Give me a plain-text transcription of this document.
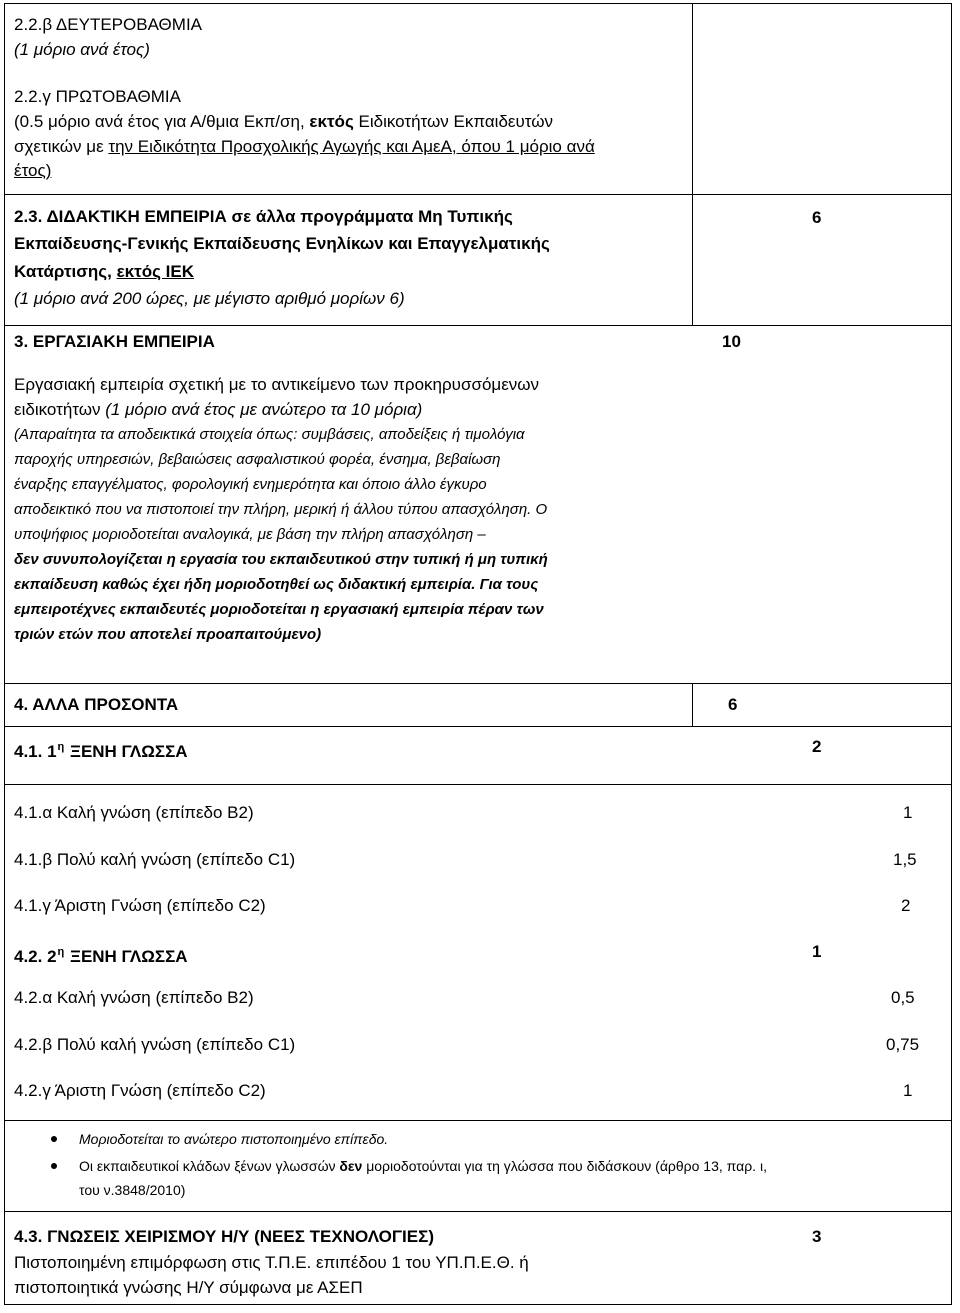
2.2.β ΔΕΥΤΕΡΟΒΑΘΜΙΑ
(1 μόριο ανά έτος)
2.2.γ ΠΡΩΤΟΒΑΘΜΙΑ
(0.5 μόριο ανά έτος για Α/θμια Εκπ/ση, εκτός Ειδικοτήτων Εκπαιδευτών
σχετικών με την Ειδικότητα Προσχολικής Αγωγής και ΑμεΑ, όπου 1 μόριο ανά
έτος)
2.3. ΔΙΔΑΚΤΙΚΗ ΕΜΠΕΙΡΙΑ σε άλλα προγράμματα Μη Τυπικής
Εκπαίδευσης-Γενικής Εκπαίδευσης Ενηλίκων και Επαγγελματικής
Κατάρτισης, εκτός ΙΕΚ
(1 μόριο ανά 200 ώρες, με μέγιστο αριθμό μορίων 6)
6
3. ΕΡΓΑΣΙΑΚΗ ΕΜΠΕΙΡΙΑ	10
Εργασιακή εμπειρία σχετική με το αντικείμενο των προκηρυσσόμενων
ειδικοτήτων (1 μόριο ανά έτος με ανώτερο τα 10 μόρια)
(Απαραίτητα τα αποδεικτικά στοιχεία όπως: συμβάσεις, αποδείξεις ή τιμολόγια
παροχής υπηρεσιών, βεβαιώσεις ασφαλιστικού φορέα, ένσημα, βεβαίωση
έναρξης επαγγέλματος, φορολογική ενημερότητα και όποιο άλλο έγκυρο
αποδεικτικό που να πιστοποιεί την πλήρη, μερική ή άλλου τύπου απασχόληση. Ο
υποψήφιος μοριοδοτείται αναλογικά, με βάση την πλήρη απασχόληση –
δεν συνυπολογίζεται η εργασία του εκπαιδευτικού στην τυπική ή μη τυπική
εκπαίδευση καθώς έχει ήδη μοριοδοτηθεί ως διδακτική εμπειρία. Για τους
εμπειροτέχνες εκπαιδευτές μοριοδοτείται η εργασιακή εμπειρία πέραν των
τριών ετών που αποτελεί προαπαιτούμενο)
4. ΑΛΛΑ ΠΡΟΣΟΝΤΑ	6
4.1. $1^\eta$ ΞΕΝΗ ΓΛΩΣΣΑ	2
4.1.α Καλή γνώση (επίπεδο Β2)	1
4.1.β Πολύ καλή γνώση (επίπεδο C1)	1,5
4.1.γ Άριστη Γνώση (επίπεδο C2)	2
4.2. $2^\eta$ ΞΕΝΗ ΓΛΩΣΣΑ	1
4.2.α Καλή γνώση (επίπεδο Β2)	0,5
4.2.β Πολύ καλή γνώση (επίπεδο C1)	0,75
4.2.γ Άριστη Γνώση (επίπεδο C2)	1
Μοριοδοτείται το ανώτερο πιστοποιημένο επίπεδο.
Οι εκπαιδευτικοί κλάδων ξένων γλωσσών δεν μοριοδοτούνται για τη γλώσσα που διδάσκουν (άρθρο 13, παρ. ι,
του ν.3848/2010)
4.3. ΓΝΩΣΕΙΣ ΧΕΙΡΙΣΜΟΥ Η/Υ (ΝΕΕΣ ΤΕΧΝΟΛΟΓΙΕΣ)	3
Πιστοποιημένη επιμόρφωση στις Τ.Π.Ε. επιπέδου 1 του ΥΠ.Π.Ε.Θ. ή
πιστοποιητικά γνώσης Η/Υ σύμφωνα με ΑΣΕΠ
